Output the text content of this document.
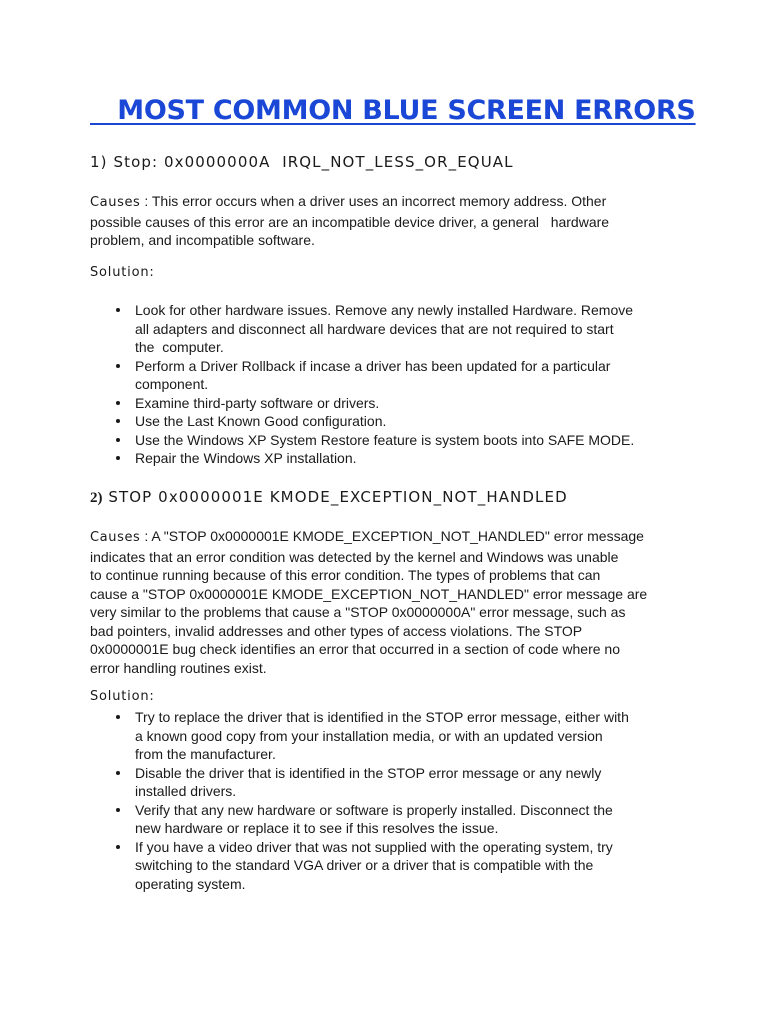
MOST COMMON BLUE SCREEN ERRORS
1) Stop: 0x0000000A  IRQL_NOT_LESS_OR_EQUAL

Causes : This error occurs when a driver uses an incorrect memory address. Other
possible causes of this error are an incompatible device driver, a general   hardware
problem, and incompatible software.

Solution:

Look for other hardware issues. Remove any newly installed Hardware. Remove
all adapters and disconnect all hardware devices that are not required to start
the  computer.
Perform a Driver Rollback if incase a driver has been updated for a particular
component.
Examine third-party software or drivers.
Use the Last Known Good configuration.
Use the Windows XP System Restore feature is system boots into SAFE MODE.
Repair the Windows XP installation.
2) STOP 0x0000001E KMODE_EXCEPTION_NOT_HANDLED

Causes : A "STOP 0x0000001E KMODE_EXCEPTION_NOT_HANDLED" error message
indicates that an error condition was detected by the kernel and Windows was unable
to continue running because of this error condition. The types of problems that can
cause a "STOP 0x0000001E KMODE_EXCEPTION_NOT_HANDLED" error message are
very similar to the problems that cause a "STOP 0x0000000A" error message, such as
bad pointers, invalid addresses and other types of access violations. The STOP
0x0000001E bug check identifies an error that occurred in a section of code where no
error handling routines exist.

Solution:

Try to replace the driver that is identified in the STOP error message, either with
a known good copy from your installation media, or with an updated version
from the manufacturer.
Disable the driver that is identified in the STOP error message or any newly
installed drivers.
Verify that any new hardware or software is properly installed. Disconnect the
new hardware or replace it to see if this resolves the issue.
If you have a video driver that was not supplied with the operating system, try
switching to the standard VGA driver or a driver that is compatible with the
operating system.
